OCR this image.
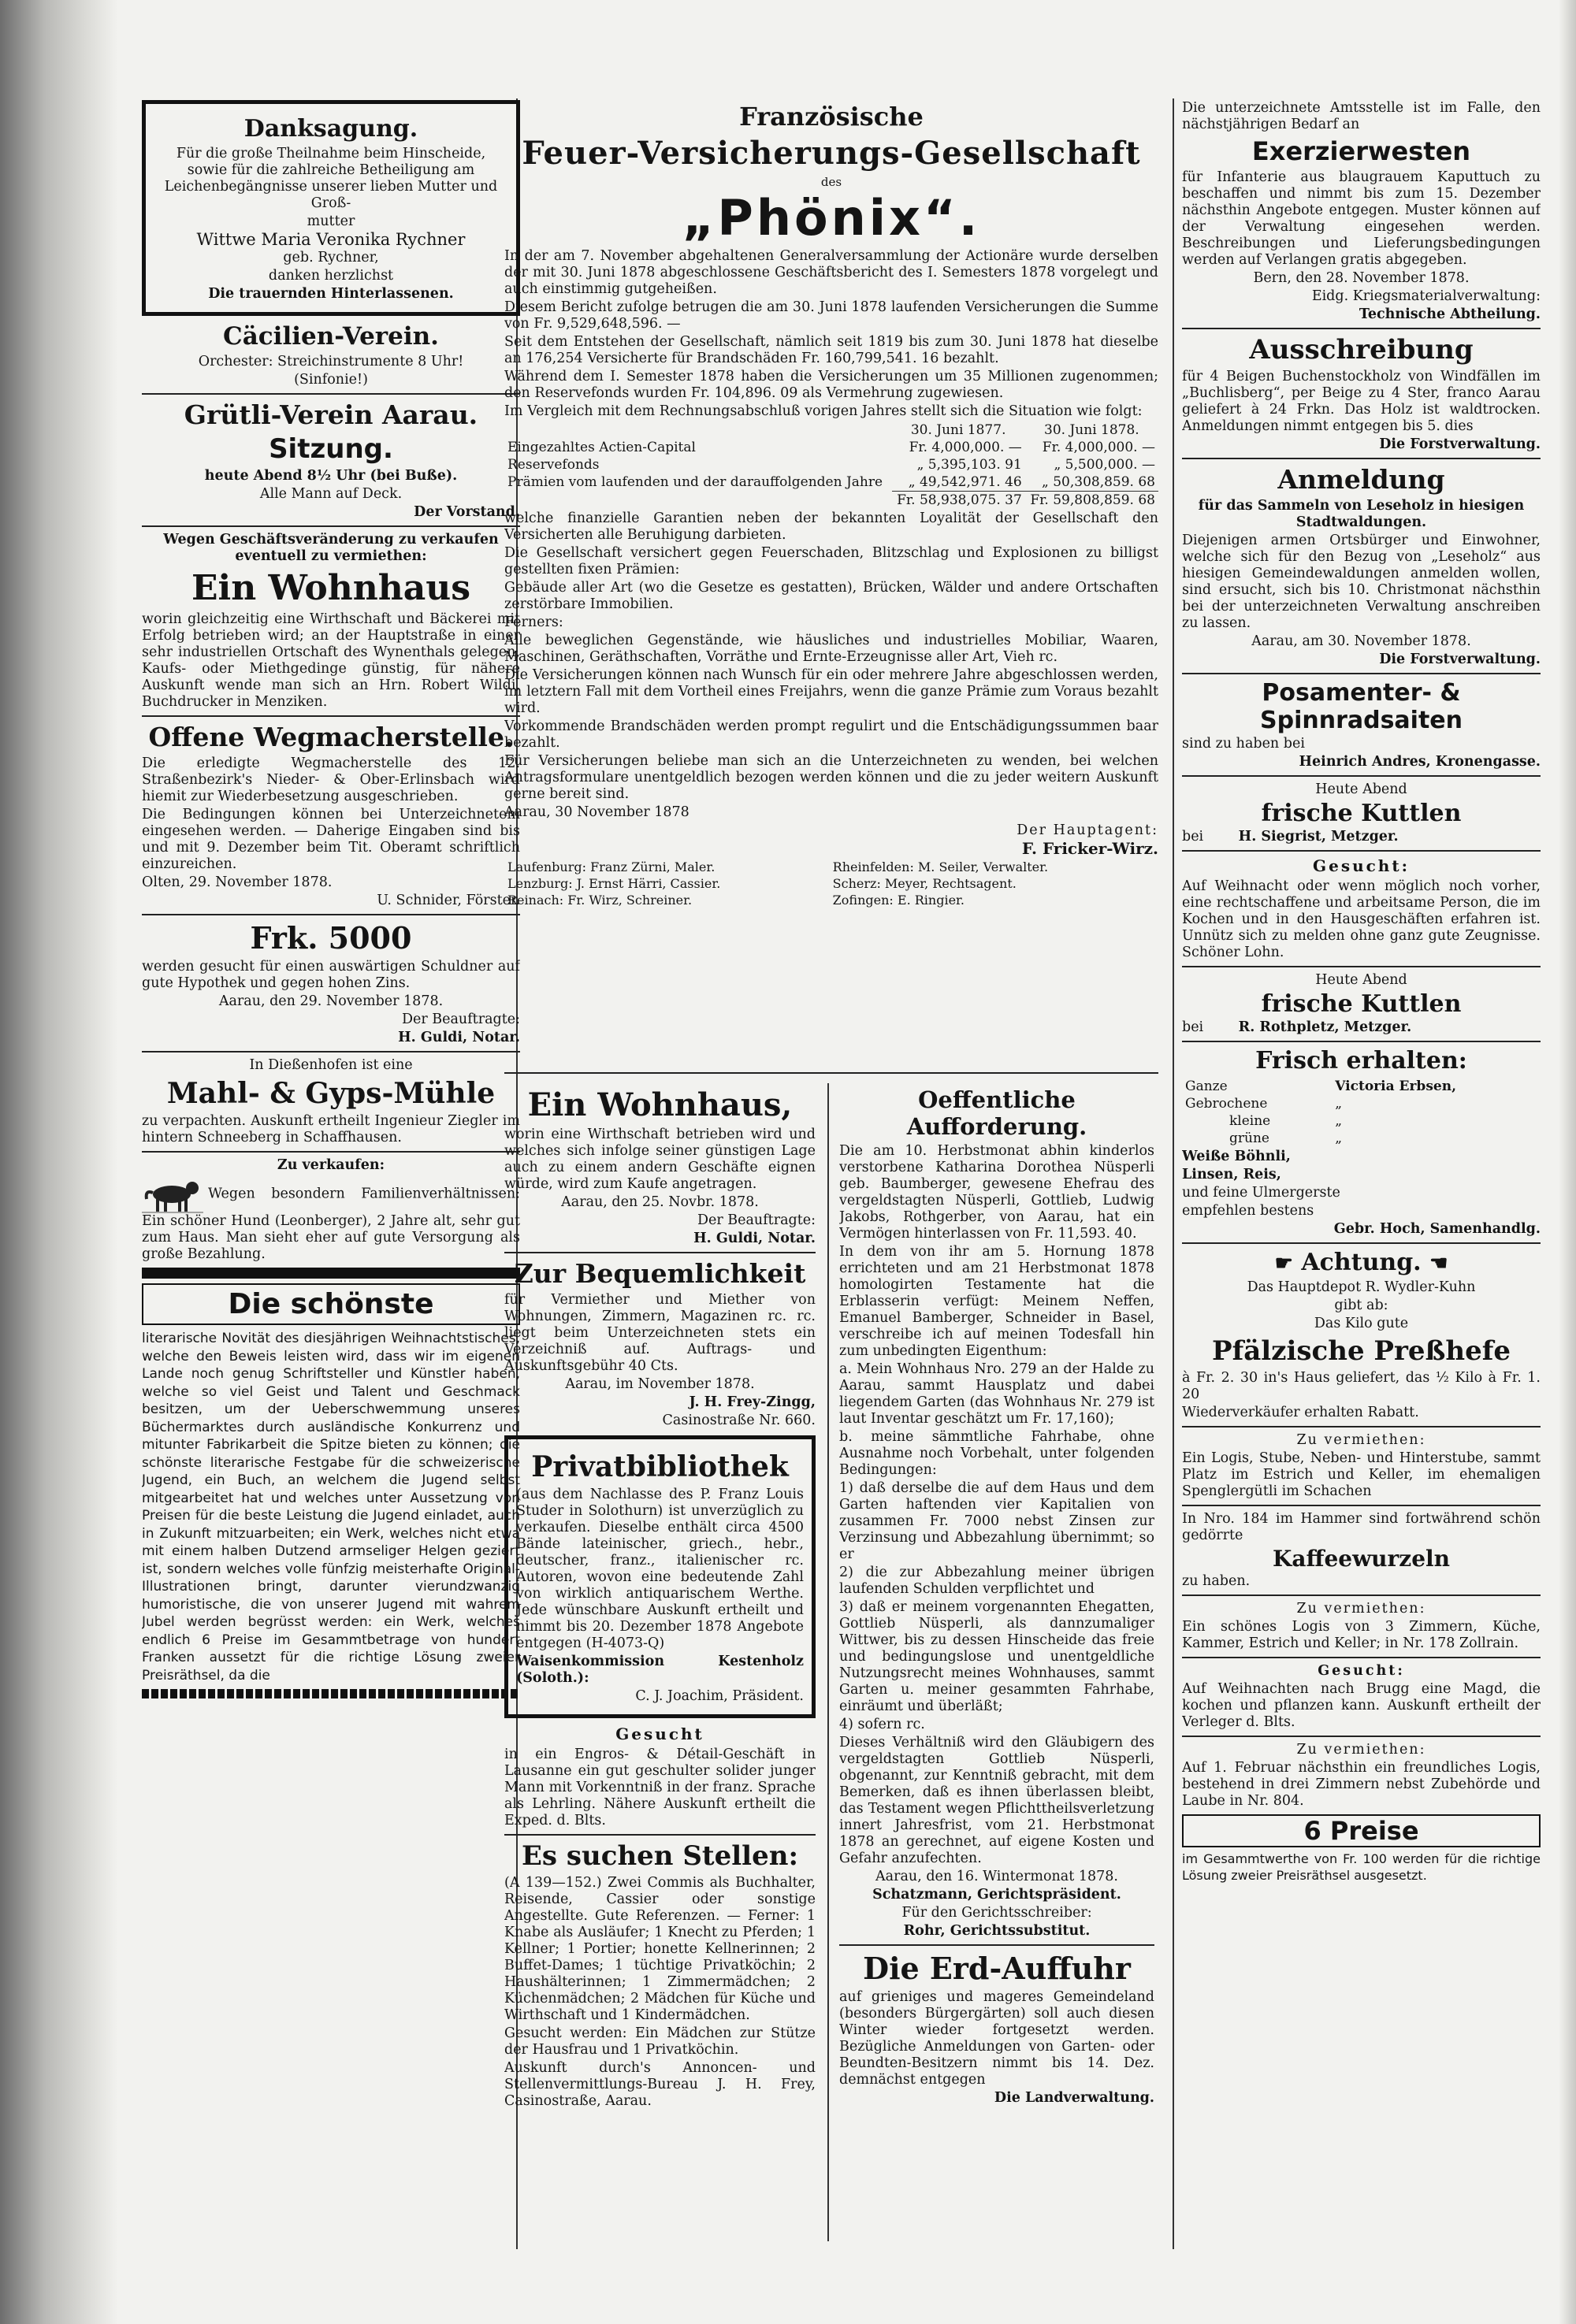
Danksagung.

Für die große Theilnahme beim Hinscheide, sowie für die zahlreiche Betheiligung am Leichenbegängnisse unserer lieben Mutter und Groß-

mutter

Wittwe Maria Veronika Rychner

geb. Rychner,

danken herzlichst

Die trauernden Hinterlassenen.

Cäcilien-Verein.

Orchester: Streichinstrumente 8 Uhr!

(Sinfonie!)

Grütli-Verein Aarau.
Sitzung.

heute Abend 8½ Uhr (bei Buße).

Alle Mann auf Deck.

Der Vorstand.

Wegen Geschäftsveränderung zu verkaufen eventuell zu vermiethen:

Ein Wohnhaus

worin gleichzeitig eine Wirthschaft und Bäckerei mit Erfolg betrieben wird; an der Hauptstraße in einer sehr industriellen Ortschaft des Wynenthals gelegen, Kaufs- oder Miethgedinge günstig, für nähere Auskunft wende man sich an Hrn. Robert Wildi, Buchdrucker in Menziken.

Offene Wegmacherstelle.

Die erledigte Wegmacherstelle des 12. Straßenbezirk's Nieder- & Ober-Erlinsbach wird hiemit zur Wiederbesetzung ausgeschrieben.

Die Bedingungen können bei Unterzeichnetem eingesehen werden. — Daherige Eingaben sind bis und mit 9. Dezember beim Tit. Oberamt schriftlich einzureichen.

Olten, 29. November 1878.

U. Schnider, Förster.

Frk. 5000

werden gesucht für einen auswärtigen Schuldner auf gute Hypothek und gegen hohen Zins.

Aarau, den 29. November 1878.

Der Beauftragte:

H. Guldi, Notar.

In Dießenhofen ist eine

Mahl- & Gyps-Mühle

zu verpachten. Auskunft ertheilt Ingenieur Ziegler im hintern Schneeberg in Schaffhausen.

Zu verkaufen:

Wegen besondern Familienverhältnissen: Ein schöner Hund (Leonberger), 2 Jahre alt, sehr gut zum Haus. Man sieht eher auf gute Versorgung als große Bezahlung.

Die schönste

literarische Novität des diesjährigen Weihnachtstisches, welche den Beweis leisten wird, dass wir im eigenen Lande noch genug Schriftsteller und Künstler haben, welche so viel Geist und Talent und Geschmack besitzen, um der Ueberschwemmung unseres Büchermarktes durch ausländische Konkurrenz und mitunter Fabrikarbeit die Spitze bieten zu können; die schönste literarische Festgabe für die schweizerische Jugend, ein Buch, an welchem die Jugend selbst mitgearbeitet hat und welches unter Aussetzung von Preisen für die beste Leistung die Jugend einladet, auch in Zukunft mitzuarbeiten; ein Werk, welches nicht etwa mit einem halben Dutzend armseliger Helgen geziert ist, sondern welches volle fünfzig meisterhafte Original-Illustrationen bringt, darunter vierundzwanzig humoristische, die von unserer Jugend mit wahrem Jubel werden begrüsst werden: ein Werk, welches endlich 6 Preise im Gesammtbetrage von hundert Franken aussetzt für die richtige Lösung zweier Preisräthsel, da die

Französische
Feuer-Versicherungs-Gesellschaft
des
„Phönix“.

In der am 7. November abgehaltenen Generalversammlung der Actionäre wurde derselben der mit 30. Juni 1878 abgeschlossene Geschäftsbericht des I. Semesters 1878 vorgelegt und auch einstimmig gutgeheißen.

Diesem Bericht zufolge betrugen die am 30. Juni 1878 laufenden Versicherungen die Summe von Fr. 9,529,648,596. —

Seit dem Entstehen der Gesellschaft, nämlich seit 1819 bis zum 30. Juni 1878 hat dieselbe an 176,254 Versicherte für Brandschäden Fr. 160,799,541. 16 bezahlt.

Während dem I. Semester 1878 haben die Versicherungen um 35 Millionen zugenommen; den Reservefonds wurden Fr. 104,896. 09 als Vermehrung zugewiesen.

Im Vergleich mit dem Rechnungsabschluß vorigen Jahres stellt sich die Situation wie folgt:

	30. Juni 1877.	30. Juni 1878.
Eingezahltes Actien-Capital	Fr. 4,000,000. —	Fr. 4,000,000. —
Reservefonds	„ 5,395,103. 91	„ 5,500,000. —
Prämien vom laufenden und der darauffolgenden Jahre	„ 49,542,971. 46	„ 50,308,859. 68
	Fr. 58,938,075. 37	Fr. 59,808,859. 68

welche finanzielle Garantien neben der bekannten Loyalität der Gesellschaft den Versicherten alle Beruhigung darbieten.

Die Gesellschaft versichert gegen Feuerschaden, Blitzschlag und Explosionen zu billigst gestellten fixen Prämien:

Gebäude aller Art (wo die Gesetze es gestatten), Brücken, Wälder und andere Ortschaften zerstörbare Immobilien.

Ferners:

Alle beweglichen Gegenstände, wie häusliches und industrielles Mobiliar, Waaren, Maschinen, Geräthschaften, Vorräthe und Ernte-Erzeugnisse aller Art, Vieh rc.

Die Versicherungen können nach Wunsch für ein oder mehrere Jahre abgeschlossen werden, im letztern Fall mit dem Vortheil eines Freijahrs, wenn die ganze Prämie zum Voraus bezahlt wird.

Vorkommende Brandschäden werden prompt regulirt und die Entschädigungssummen baar bezahlt.

Für Versicherungen beliebe man sich an die Unterzeichneten zu wenden, bei welchen Antragsformulare unentgeldlich bezogen werden können und die zu jeder weitern Auskunft gerne bereit sind.

Aarau, 30 November 1878

Der Hauptagent:

F. Fricker-Wirz.

Laufenburg: Franz Zürni, Maler.	Rheinfelden: M. Seiler, Verwalter.
Lenzburg: J. Ernst Härri, Cassier.	Scherz: Meyer, Rechtsagent.
Reinach: Fr. Wirz, Schreiner.	Zofingen: E. Ringier.
Ein Wohnhaus,

worin eine Wirthschaft betrieben wird und welches sich infolge seiner günstigen Lage auch zu einem andern Geschäfte eignen würde, wird zum Kaufe angetragen.

Aarau, den 25. Novbr. 1878.

Der Beauftragte:

H. Guldi, Notar.

Zur Bequemlichkeit

für Vermiether und Miether von Wohnungen, Zimmern, Magazinen rc. rc. liegt beim Unterzeichneten stets ein Verzeichniß auf. Auftrags- und Auskunftsgebühr 40 Cts.

Aarau, im November 1878.

J. H. Frey-Zingg,

Casinostraße Nr. 660.

Privatbibliothek

(aus dem Nachlasse des P. Franz Louis Studer in Solothurn) ist unverzüglich zu verkaufen. Dieselbe enthält circa 4500 Bände lateinischer, griech., hebr., deutscher, franz., italienischer rc. Autoren, wovon eine bedeutende Zahl von wirklich antiquarischem Werthe. Jede wünschbare Auskunft ertheilt und nimmt bis 20. Dezember 1878 Angebote entgegen (H-4073-Q)

Waisenkommission Kestenholz (Soloth.):

C. J. Joachim, Präsident.

Gesucht

in ein Engros- & Détail-Geschäft in Lausanne ein gut geschulter solider junger Mann mit Vorkenntniß in der franz. Sprache als Lehrling. Nähere Auskunft ertheilt die Exped. d. Blts.

Es suchen Stellen:

(A 139—152.) Zwei Commis als Buchhalter, Reisende, Cassier oder sonstige Angestellte. Gute Referenzen. — Ferner: 1 Knabe als Ausläufer; 1 Knecht zu Pferden; 1 Kellner; 1 Portier; honette Kellnerinnen; 2 Buffet-Dames; 1 tüchtige Privatköchin; 2 Haushälterinnen; 1 Zimmermädchen; 2 Küchenmädchen; 2 Mädchen für Küche und Wirthschaft und 1 Kindermädchen.

Gesucht werden: Ein Mädchen zur Stütze der Hausfrau und 1 Privatköchin.

Auskunft durch's Annoncen- und Stellenvermittlungs-Bureau J. H. Frey, Casinostraße, Aarau.

Oeffentliche Aufforderung.

Die am 10. Herbstmonat abhin kinderlos verstorbene Katharina Dorothea Nüsperli geb. Baumberger, gewesene Ehefrau des vergeldstagten Nüsperli, Gottlieb, Ludwig Jakobs, Rothgerber, von Aarau, hat ein Vermögen hinterlassen von Fr. 11,593. 40.

In dem von ihr am 5. Hornung 1878 errichteten und am 21 Herbstmonat 1878 homologirten Testamente hat die Erblasserin verfügt: Meinem Neffen, Emanuel Bamberger, Schneider in Basel, verschreibe ich auf meinen Todesfall hin zum unbedingten Eigenthum:

a. Mein Wohnhaus Nro. 279 an der Halde zu Aarau, sammt Hausplatz und dabei liegendem Garten (das Wohnhaus Nr. 279 ist laut Inventar geschätzt um Fr. 17,160);

b. meine sämmtliche Fahrhabe, ohne Ausnahme noch Vorbehalt, unter folgenden Bedingungen:

1) daß derselbe die auf dem Haus und dem Garten haftenden vier Kapitalien von zusammen Fr. 7000 nebst Zinsen zur Verzinsung und Abbezahlung übernimmt; so er

2) die zur Abbezahlung meiner übrigen laufenden Schulden verpflichtet und

3) daß er meinem vorgenannten Ehegatten, Gottlieb Nüsperli, als dannzumaliger Wittwer, bis zu dessen Hinscheide das freie und bedingungslose und unentgeldliche Nutzungsrecht meines Wohnhauses, sammt Garten u. meiner gesammten Fahrhabe, einräumt und überläßt;

4) sofern rc.

Dieses Verhältniß wird den Gläubigern des vergeldstagten Gottlieb Nüsperli, obgenannt, zur Kenntniß gebracht, mit dem Bemerken, daß es ihnen überlassen bleibt, das Testament wegen Pflichttheilsverletzung innert Jahresfrist, vom 21. Herbstmonat 1878 an gerechnet, auf eigene Kosten und Gefahr anzufechten.

Aarau, den 16. Wintermonat 1878.

Schatzmann, Gerichtspräsident.

Für den Gerichtsschreiber:

Rohr, Gerichtssubstitut.

Die Erd-Auffuhr

auf grieniges und mageres Gemeindeland (besonders Bürgergärten) soll auch diesen Winter wieder fortgesetzt werden. Bezügliche Anmeldungen von Garten- oder Beundten-Besitzern nimmt bis 14. Dez. demnächst entgegen

Die Landverwaltung.

Die unterzeichnete Amtsstelle ist im Falle, den nächstjährigen Bedarf an

Exerzierwesten

für Infanterie aus blaugrauem Kaputtuch zu beschaffen und nimmt bis zum 15. Dezember nächsthin Angebote entgegen. Muster können auf der Verwaltung eingesehen werden. Beschreibungen und Lieferungsbedingungen werden auf Verlangen gratis abgegeben.

Bern, den 28. November 1878.

Eidg. Kriegsmaterialverwaltung:

Technische Abtheilung.

Ausschreibung

für 4 Beigen Buchenstockholz von Windfällen im „Buchlisberg“, per Beige zu 4 Ster, franco Aarau geliefert à 24 Frkn. Das Holz ist waldtrocken. Anmeldungen nimmt entgegen bis 5. dies

Die Forstverwaltung.

Anmeldung

für das Sammeln von Leseholz in hiesigen Stadtwaldungen.

Diejenigen armen Ortsbürger und Einwohner, welche sich für den Bezug von „Leseholz“ aus hiesigen Gemeindewaldungen anmelden wollen, sind ersucht, sich bis 10. Christmonat nächsthin bei der unterzeichneten Verwaltung anschreiben zu lassen.

Aarau, am 30. November 1878.

Die Forstverwaltung.

Posamenter- &
Spinnradsaiten

sind zu haben bei

Heinrich Andres, Kronengasse.

Heute Abend

frische Kuttlen

bei	H. Siegrist, Metzger.

Gesucht:

Auf Weihnacht oder wenn möglich noch vorher, eine rechtschaffene und arbeitsame Person, die im Kochen und in den Hausgeschäften erfahren ist. Unnütz sich zu melden ohne ganz gute Zeugnisse. Schöner Lohn.

Heute Abend

frische Kuttlen

bei	R. Rothpletz, Metzger.

Frisch erhalten:
Ganze	Victoria Erbsen,
Gebrochene	„
kleine	„
grüne	„

Weiße Böhnli,

Linsen, Reis,

und feine Ulmergerste

empfehlen bestens

Gebr. Hoch, Samenhandlg.

☛ Achtung. ☚

Das Hauptdepot R. Wydler-Kuhn

gibt ab:

Das Kilo gute

Pfälzische Preßhefe

à Fr. 2. 30 in's Haus geliefert, das ½ Kilo à Fr. 1. 20

Wiederverkäufer erhalten Rabatt.

Zu vermiethen:

Ein Logis, Stube, Neben- und Hinterstube, sammt Platz im Estrich und Keller, im ehemaligen Spenglergütli im Schachen

In Nro. 184 im Hammer sind fortwährend schön gedörrte

Kaffeewurzeln

zu haben.

Zu vermiethen:

Ein schönes Logis von 3 Zimmern, Küche, Kammer, Estrich und Keller; in Nr. 178 Zollrain.

Gesucht:

Auf Weihnachten nach Brugg eine Magd, die kochen und pflanzen kann. Auskunft ertheilt der Verleger d. Blts.

Zu vermiethen:

Auf 1. Februar nächsthin ein freundliches Logis, bestehend in drei Zimmern nebst Zubehörde und Laube in Nr. 804.

6 Preise

im Gesammtwerthe von Fr. 100 werden für die richtige Lösung zweier Preisräthsel ausgesetzt.
